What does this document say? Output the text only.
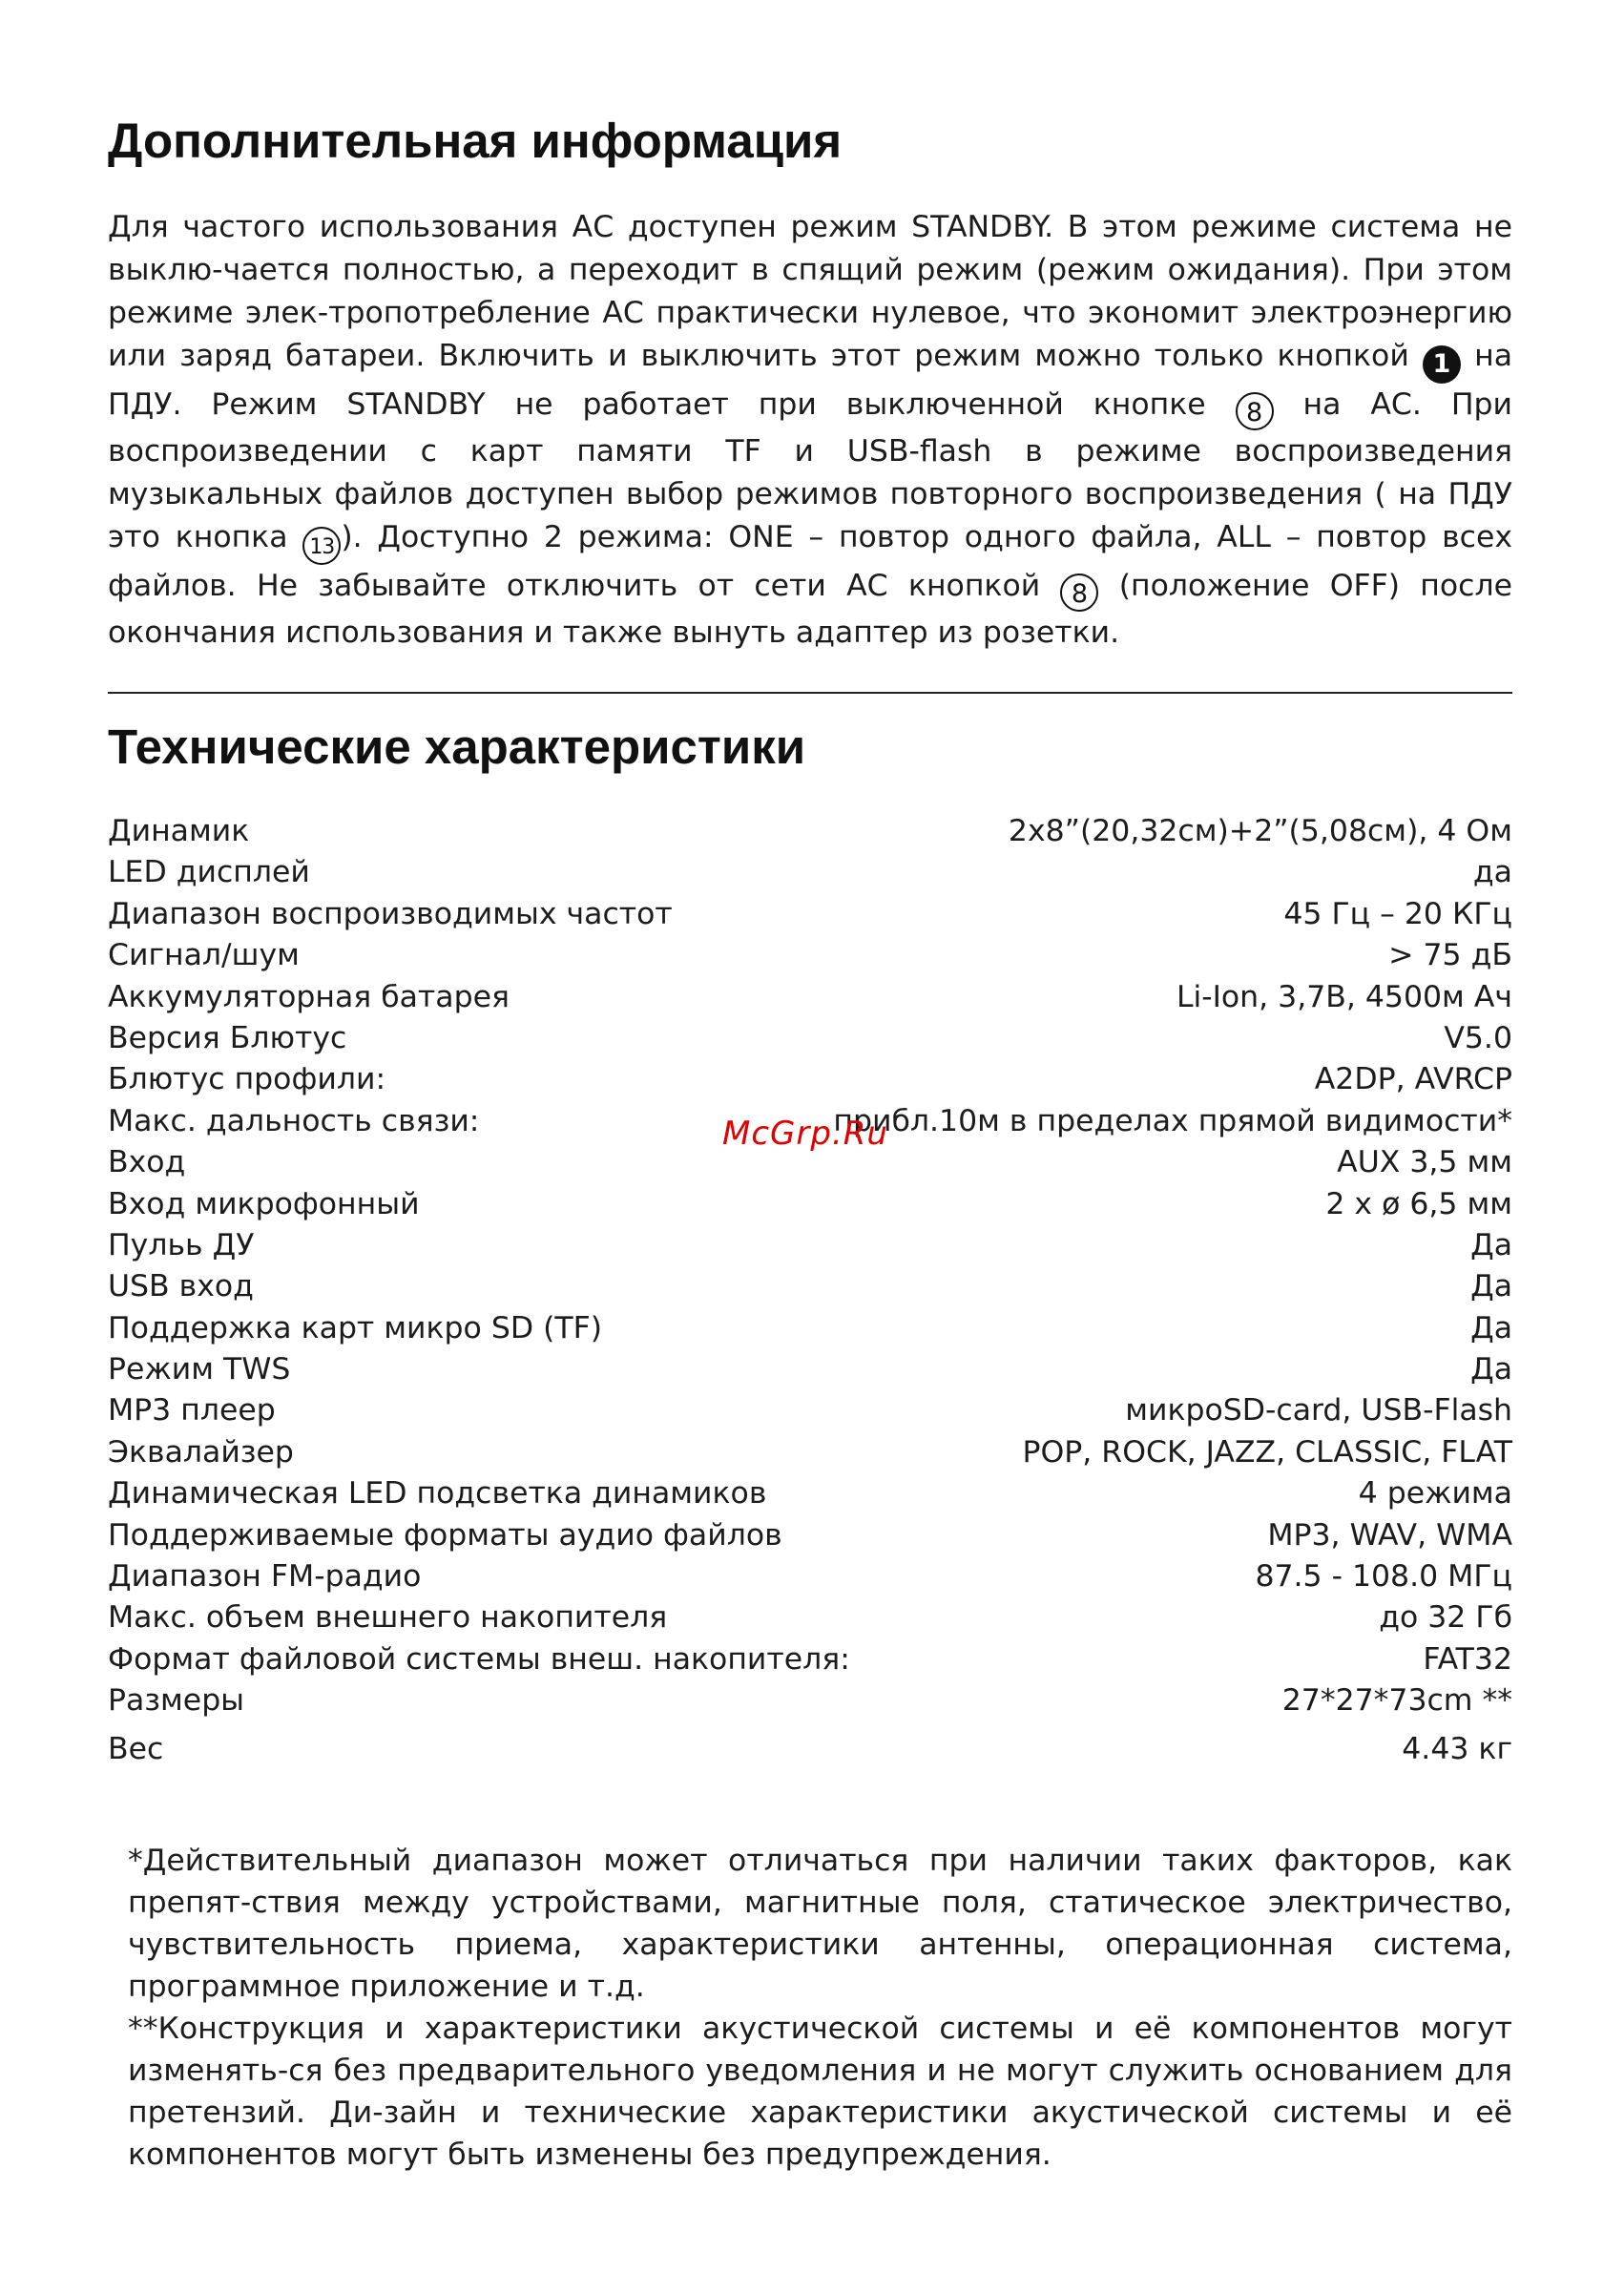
Дополнительная информация
Для частого использования АС доступен режим STANDBY. В этом режиме система не выклю-чается полностью, а переходит в спящий режим (режим ожидания). При этом режиме элек-тропотребление АС практически нулевое, что экономит электроэнергию или заряд батареи. Включить и выключить этот режим можно только кнопкой 1 на ПДУ. Режим STANDBY не работает при выключенной кнопке 8 на АС. При воспроизведении с карт памяти TF и USB-flash в режиме воспроизведения музыкальных файлов доступен выбор режимов повторного воспроизведения ( на ПДУ это кнопка 13 ). Доступно 2 режима: ONE – повтор одного файла, ALL – повтор всех файлов. Не забывайте отключить от сети АС кнопкой 8 (положение OFF) после окончания использования и также вынуть адаптер из розетки.
Технические характеристики
Динамик	2х8”(20,32см)+2”(5,08см), 4 Ом
LED дисплей	да
Диапазон воспроизводимых частот	45 Гц – 20 КГц
Сигнал/шум	> 75 дБ
Аккумуляторная батарея	Li-Ion, 3,7В, 4500м Ач
Версия Блютус	V5.0
Блютус профили:	A2DP, AVRCP
Макс. дальность связи:	прибл.10м в пределах прямой видимости*
Вход	AUX 3,5 мм
Вход микрофонный	2 х ø 6,5 мм
Пульь ДУ	Да
USB вход	Да
Поддержка карт микро SD (TF)	Да
Режим TWS	Да
MP3 плеер	микроSD-card, USB-Flash
Эквалайзер	POP, ROCK, JAZZ, CLASSIC, FLAT
Динамическая LED подсветка динамиков	4 режима
Поддерживаемые форматы аудио файлов	MP3, WAV, WMA
Диапазон FM-радио	87.5 - 108.0 МГц
Макс. объем внешнего накопителя	до 32 Гб
Формат файловой системы внеш. накопителя:	FAT32
Размеры	27*27*73cm **
Вес	4.43 кг

*Действительный диапазон может отличаться при наличии таких факторов, как препят-ствия между устройствами, магнитные поля, статическое электричество, чувствительность приема, характеристики антенны, операционная система, программное приложение и т.д.

**Конструкция и характеристики акустической системы и её компонентов могут изменять-ся без предварительного уведомления и не могут служить основанием для претензий. Ди-зайн и технические характеристики акустической системы и её компонентов могут быть изменены без предупреждения.

McGrp.Ru
